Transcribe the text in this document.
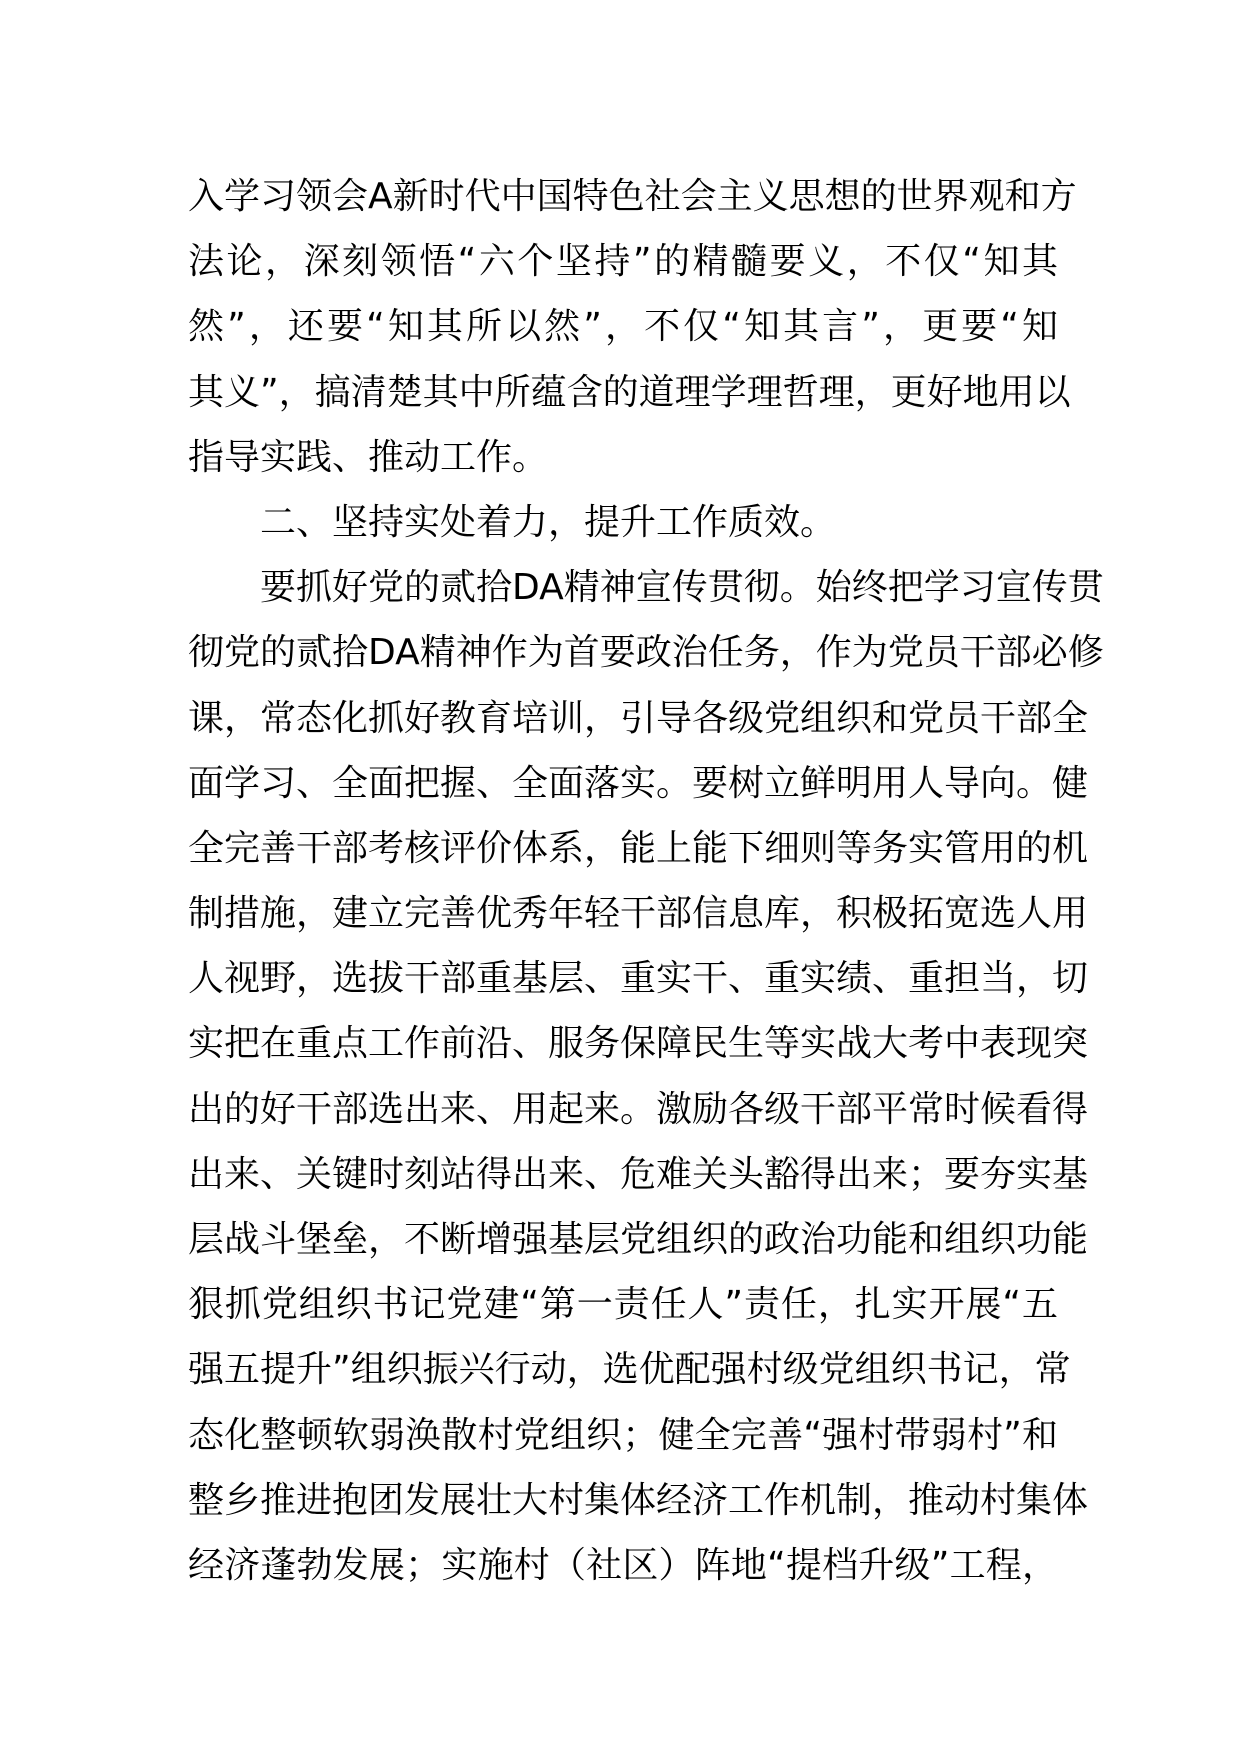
入学习领会A新时代中国特色社会主义思想的世界观和方
法论，深刻领悟“六个坚持”的精髓要义，不仅“知其
然”，还要“知其所以然”，不仅“知其言”，更要“知
其义”，搞清楚其中所蕴含的道理学理哲理，更好地用以
指导实践、推动工作。
二、坚持实处着力，提升工作质效。
要抓好党的贰拾DA精神宣传贯彻。始终把学习宣传贯
彻党的贰拾DA精神作为首要政治任务，作为党员干部必修
课，常态化抓好教育培训，引导各级党组织和党员干部全
面学习、全面把握、全面落实。要树立鲜明用人导向。健
全完善干部考核评价体系，能上能下细则等务实管用的机
制措施，建立完善优秀年轻干部信息库，积极拓宽选人用
人视野，选拔干部重基层、重实干、重实绩、重担当，切
实把在重点工作前沿、服务保障民生等实战大考中表现突
出的好干部选出来、用起来。激励各级干部平常时候看得
出来、关键时刻站得出来、危难关头豁得出来；要夯实基
层战斗堡垒，不断增强基层党组织的政治功能和组织功能
狠抓党组织书记党建“第一责任人”责任，扎实开展“五
强五提升”组织振兴行动，选优配强村级党组织书记，常
态化整顿软弱涣散村党组织；健全完善“强村带弱村”和
整乡推进抱团发展壮大村集体经济工作机制，推动村集体
经济蓬勃发展；实施村（社区）阵地“提档升级”工程，
